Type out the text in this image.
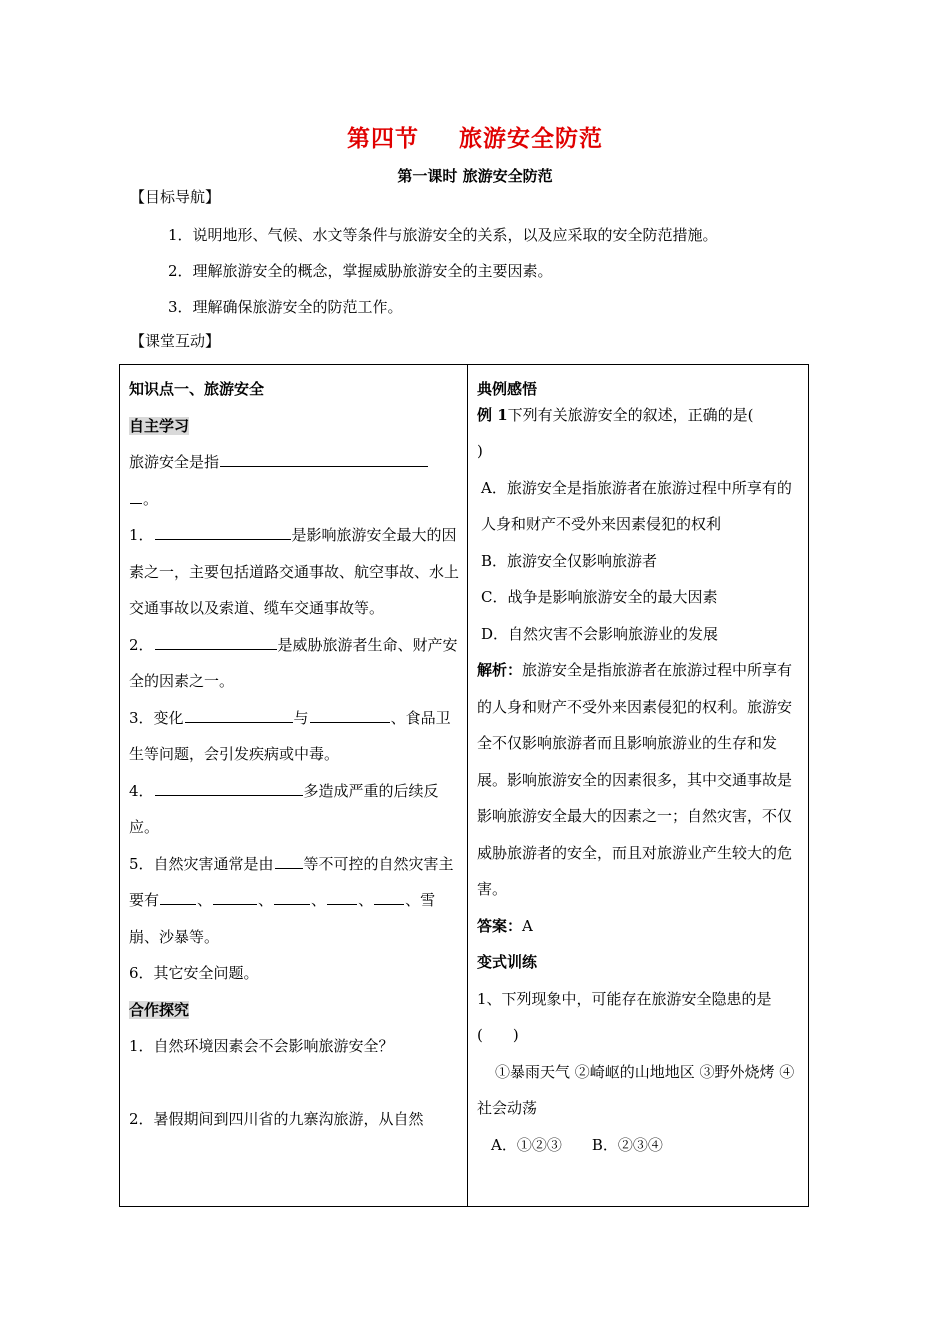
第四节 旅游安全防范
第一课时 旅游安全防范
【目标导航】
1．说明地形、气候、水文等条件与旅游安全的关系，以及应采取的安全防范措施。
2．理解旅游安全的概念，掌握威胁旅游安全的主要因素。
3．理解确保旅游安全的防范工作。
【课堂互动】

知识点一、旅游安全

自主学习

旅游安全是指

。

1．	是影响旅游安全最大的因素之一，主要包括道路交通事故、航空事故、水上交通事故以及索道、缆车交通事故等。

2．	是威胁旅游者生命、财产安全的因素之一。

3．变化	与	、食品卫生等问题，会引发疾病或中毒。

4．	多造成严重的后续反应。

5．自然灾害通常是由 等不可控的自然灾害主要有	、	、	、 、 、雪崩、沙暴等。

6．其它安全问题。

合作探究

1．自然环境因素会不会影响旅游安全？

2．暑假期间到四川省的九寨沟旅游，从自然

典例感悟

例 1下列有关旅游安全的叙述，正确的是(
)

A．旅游安全是指旅游者在旅游过程中所享有的人身和财产不受外来因素侵犯的权利

B．旅游安全仅影响旅游者

C．战争是影响旅游安全的最大因素

D．自然灾害不会影响旅游业的发展

解析：旅游安全是指旅游者在旅游过程中所享有的人身和财产不受外来因素侵犯的权利。旅游安全不仅影响旅游者而且影响旅游业的生存和发展。影响旅游安全的因素很多，其中交通事故是影响旅游安全最大的因素之一；自然灾害，不仅威胁旅游者的安全，而且对旅游业产生较大的危害。

答案：A

变式训练

1、下列现象中，可能存在旅游安全隐患的是(　　)

①暴雨天气 ②崎岖的山地地区 ③野外烧烤 ④社会动荡

A．①②③ B．②③④
